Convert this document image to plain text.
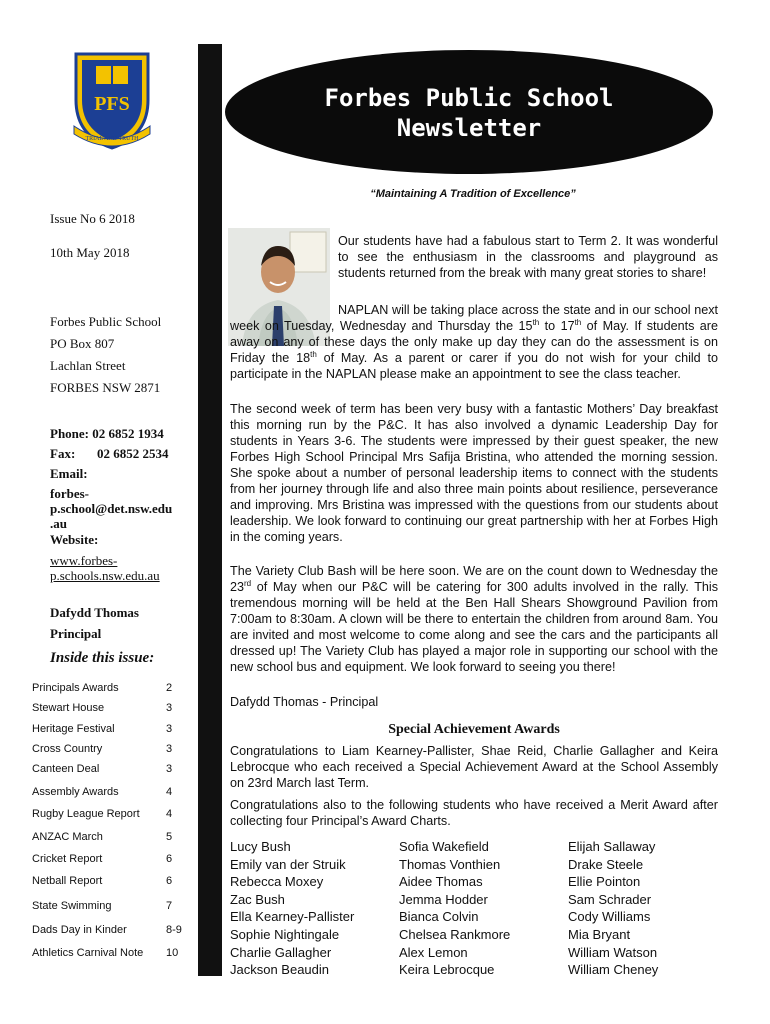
PFS
TRIAL AND TRUTH
Forbes Public School
Newsletter
“Maintaining A Tradition of Excellence”
Issue No 6 2018
10th May 2018
Forbes Public School
PO Box 807
Lachlan Street
FORBES NSW 2871
Phone: 02 6852 1934
Fax: 02 6852 2534
Email:
forbes-
p.school@det.nsw.edu
.au
Website:
www.forbes-
p.schools.nsw.edu.au
Dafydd Thomas
Principal
Inside this issue:
Principals Awards	2
Stewart House	3
Heritage Festival	3
Cross Country	3
Canteen Deal	3
Assembly Awards	4
Rugby League Report 4
ANZAC March	5
Cricket Report	6
Netball Report	6
State Swimming	7
Dads Day in Kinder	8-9
Athletics Carnival Note 10
Our students have had a fabulous start to Term 2. It was wonderful to see the enthusiasm in the classrooms and playground as students returned from the break with many great stories to share!
NAPLAN will be taking place across the state and in our school next week on Tuesday, Wednesday and Thursday the 15th to 17th of May. If students are away on any of these days the only make up day they can do the assessment is on Friday the 18th of May. As a parent or carer if you do not wish for your child to participate in the NAPLAN please make an appointment to see the class teacher.
The second week of term has been very busy with a fantastic Mothers’ Day breakfast this morning run by the P&C. It has also involved a dynamic Leadership Day for students in Years 3-6. The students were impressed by their guest speaker, the new Forbes High School Principal Mrs Safija Bristina, who attended the morning session. She spoke about a number of personal leadership items to connect with the students from her journey through life and also three main points about resilience, perseverance and improving. Mrs Bristina was impressed with the questions from our students about leadership. We look forward to continuing our great partnership with her at Forbes High in the coming years.
The Variety Club Bash will be here soon. We are on the count down to Wednesday the 23rd of May when our P&C will be catering for 300 adults involved in the rally. This tremendous morning will be held at the Ben Hall Shears Showground Pavilion from 7:00am to 8:30am. A clown will be there to entertain the children from around 8am. You are invited and most welcome to come along and see the cars and the participants all dressed up! The Variety Club has played a major role in supporting our school with the new school bus and equipment. We look forward to seeing you there!
Dafydd Thomas - Principal
Special Achievement Awards
Congratulations to Liam Kearney-Pallister, Shae Reid, Charlie Gallagher and Keira Lebrocque who each received a Special Achievement Award at the School Assembly on 23rd March last Term.
Congratulations also to the following students who have received a Merit Award after collecting four Principal’s Award Charts.
Lucy Bush
Emily van der Struik
Rebecca Moxey
Zac Bush
Ella Kearney-Pallister
Sophie Nightingale
Charlie Gallagher
Jackson Beaudin
Sofia Wakefield
Thomas Vonthien
Aidee Thomas
Jemma Hodder
Bianca Colvin
Chelsea Rankmore
Alex Lemon
Keira Lebrocque
Elijah Sallaway
Drake Steele
Ellie Pointon
Sam Schrader
Cody Williams
Mia Bryant
William Watson
William Cheney
